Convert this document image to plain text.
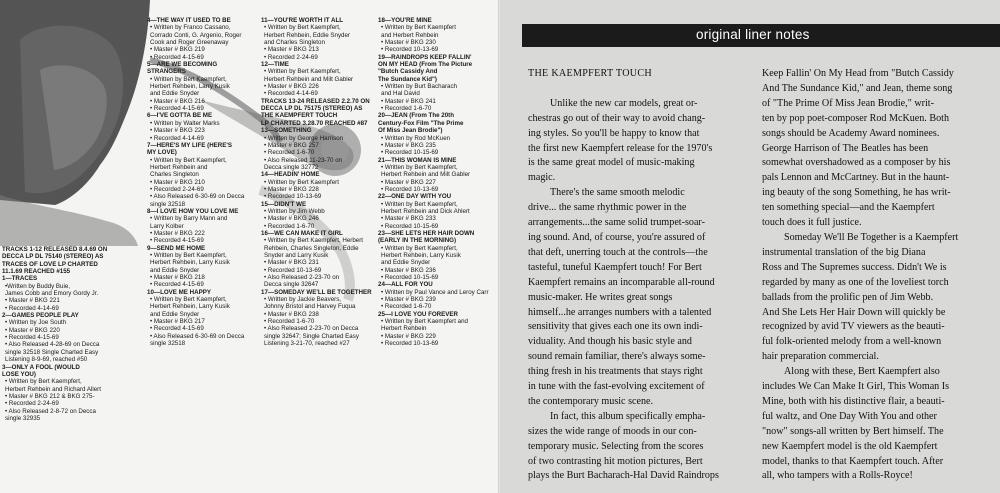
TRACKS 1-12 RELEASED 8.4.69 ON
DECCA LP DL 75140 (STEREO) AS
TRACES OF LOVE LP CHARTED
11.1.69 REACHED #155
1—TRACES
•Written by Buddy Buie,
James Cobb and Emory Gordy Jr.
• Master # BKG 221
• Recorded 4-14-69
2—GAMES PEOPLE PLAY
• Written by Joe South
• Master # BKG 220
• Recorded 4-15-69
• Also Released 4-28-69 on Decca
single 32518 Single Charted Easy
Listening 8-9-69, reached #50
3—ONLY A FOOL (WOULD
LOSE YOU)
• Written by Bert Kaempfert,
Herbert Rehbein and Richard Allert
• Master # BKG 212 & BKG 275-
• Recorded 2-24-69
• Also Released 2-8-72 on Decca
single 32935
4—THE WAY IT USED TO BE
• Written by Franco Cassano,
Corrado Conti, G. Argenio, Roger
Cook and Roger Greenaway
• Master # BKG 219
• Recorded 4-15-69
5—ARE WE BECOMING
STRANGERS
• Written by Bert Kaempfert,
Herbert Rehbein, Larry Kusik
and Eddie Snyder
• Master # BKG 216
• Recorded 4-15-69
6—I'VE GOTTA BE ME
• Written by Walter Marks
• Master # BKG 223
• Recorded 4-14-69
7—HERE'S MY LIFE (HERE'S
MY LOVE)
• Written by Bert Kaempfert,
Herbert Rehbein and
Charles Singleton
• Master # BKG 210
• Recorded 2-24-69
• Also Released 6-30-69 on Decca
single 32518
8—I LOVE HOW YOU LOVE ME
• Written by Barry Mann and
Larry Kolber
• Master # BKG 222
• Recorded 4-15-69
9—SEND ME HOME
• Written by Bert Kaempfert,
Herbert Rehbein, Larry Kusik
and Eddie Snyder
• Master # BKG 218
• Recorded 4-15-69
10—LOVE ME HAPPY
• Written by Bert Kaempfert,
Herbert Rehbein, Larry Kusik
and Eddie Snyder
• Master # BKG 217
• Recorded 4-15-69
• Also Released 6-30-69 on Decca
single 32518
11—YOU'RE WORTH IT ALL
• Written by Bert Kaempfert,
Herbert Rehbein, Eddie Snyder
and Charles Singleton
• Master # BKG 213
• Recorded 2-24-69
12—TIME
• Written by Bert Kaempfert,
Herbert Rehbein and Milt Gabler
• Master # BKG 226
• Recorded 4-14-69
TRACKS 13-24 RELEASED 2.2.70 ON
DECCA LP DL 75175 (STEREO) AS
THE KAEMPFERT TOUCH
LP CHARTED 3.28.70 REACHED #87
13—SOMETHING
• Written by George Harrison
• Master # BKG 257
• Recorded 1-6-70
• Also Released 11-23-70 on
Decca single 32772
14—HEADIN' HOME
• Written by Bert Kaempfert
• Master # BKG 228
• Recorded 10-13-69
15—DIDN'T WE
• Written by Jim Webb
• Master # BKG 246
• Recorded 1-6-70
16—WE CAN MAKE IT GIRL
• Written by Bert Kaempfert, Herbert
Rehbein, Charles Singleton, Eddie
Snyder and Larry Kusik
• Master # BKG 231
• Recorded 10-13-69
• Also Released 2-23-70 on
Decca single 32647
17—SOMEDAY WE'LL BE TOGETHER
• Written by Jackie Beavers,
Johnny Bristol and Harvey Fuqua
• Master # BKG 238
• Recorded 1-6-70
• Also Released 2-23-70 on Decca
single 32647; Single Charted Easy
Listening 3-21-70, reached #27
18—YOU'RE MINE
• Written by Bert Kaempfert
and Herbert Rehbein
• Master # BKG 230
• Recorded 10-13-69
19—RAINDROPS KEEP FALLIN'
ON MY HEAD (From The Picture
"Butch Cassidy And
The Sundance Kid")
• Written by Burt Bacharach
and Hal David
• Master # BKG 241
• Recorded 1-6-70
20—JEAN (From The 20th
Century-Fox Film "The Prime
Of Miss Jean Brodie")
• Written by Rod McKuen
• Master # BKG 235
• Recorded 10-15-69
21—THIS WOMAN IS MINE
• Written by Bert Kaempfert,
Herbert Rehbein and Milt Gabler
• Master # BKG 227
• Recorded 10-13-69
22—ONE DAY WITH YOU
• Written by Bert Kaempfert,
Herbert Rehbein and Dick Ahlert
• Master # BKG 233
• Recorded 10-15-69
23—SHE LETS HER HAIR DOWN
(EARLY IN THE MORNING)
• Written by Bert Kaempfert,
Herbert Rehbein, Larry Kusik
and Eddie Snyder
• Master # BKG 236
• Recorded 10-15-69
24—ALL FOR YOU
• Written by Paul Vance and Leroy Carr
• Master # BKG 239
• Recorded 1-6-70
25—I LOVE YOU FOREVER
• Written by Bert Kaempfert and
Herbert Rehbein
• Master # BKG 229
• Recorded 10-13-69
original liner notes
THE KAEMPFERT TOUCH

Unlike the new car models, great or-
chestras go out of their way to avoid chang-
ing styles. So you'll be happy to know that
the first new Kaempfert release for the 1970's
is the same great model of music-making
magic.
There's the same smooth melodic
drive... the same rhythmic power in the
arrangements...the same solid trumpet-soar-
ing sound. And, of course, you're assured of
that deft, unerring touch at the controls—the
tasteful, tuneful Kaempfert touch! For Bert
Kaempfert remains an incomparable all-round
music-maker. He writes great songs
himself...he arranges numbers with a talented
sensitivity that gives each one its own indi-
viduality. And though his basic style and
sound remain familiar, there's always some-
thing fresh in his treatments that stays right
in tune with the fast-evolving excitement of
the contemporary music scene.
In fact, this album specifically empha-
sizes the wide range of moods in our con-
temporary music. Selecting from the scores
of two contrasting hit motion pictures, Bert
plays the Burt Bacharach-Hal David Raindrops
Keep Fallin' On My Head from "Butch Cassidy
And The Sundance Kid," and Jean, theme song
of "The Prime Of Miss Jean Brodie," writ-
ten by pop poet-composer Rod McKuen. Both
songs should be Academy Award nominees.
George Harrison of The Beatles has been
somewhat overshadowed as a composer by his
pals Lennon and McCartney. But in the haunt-
ing beauty of the song Something, he has writ-
ten something special—and the Kaempfert
touch does it full justice.
Someday We'll Be Together is a Kaempfert
instrumental translation of the big Diana
Ross and The Supremes success. Didn't We is
regarded by many as one of the loveliest torch
ballads from the prolific pen of Jim Webb.
And She Lets Her Hair Down will quickly be
recognized by avid TV viewers as the beauti-
ful folk-oriented melody from a well-known
hair preparation commercial.
Along with these, Bert Kaempfert also
includes We Can Make It Girl, This Woman Is
Mine, both with his distinctive flair, a beauti-
ful waltz, and One Day With You and other
"now" songs-all written by Bert himself. The
new Kaempfert model is the old Kaempfert
model, thanks to that Kaempfert touch. After
all, who tampers with a Rolls-Royce!
